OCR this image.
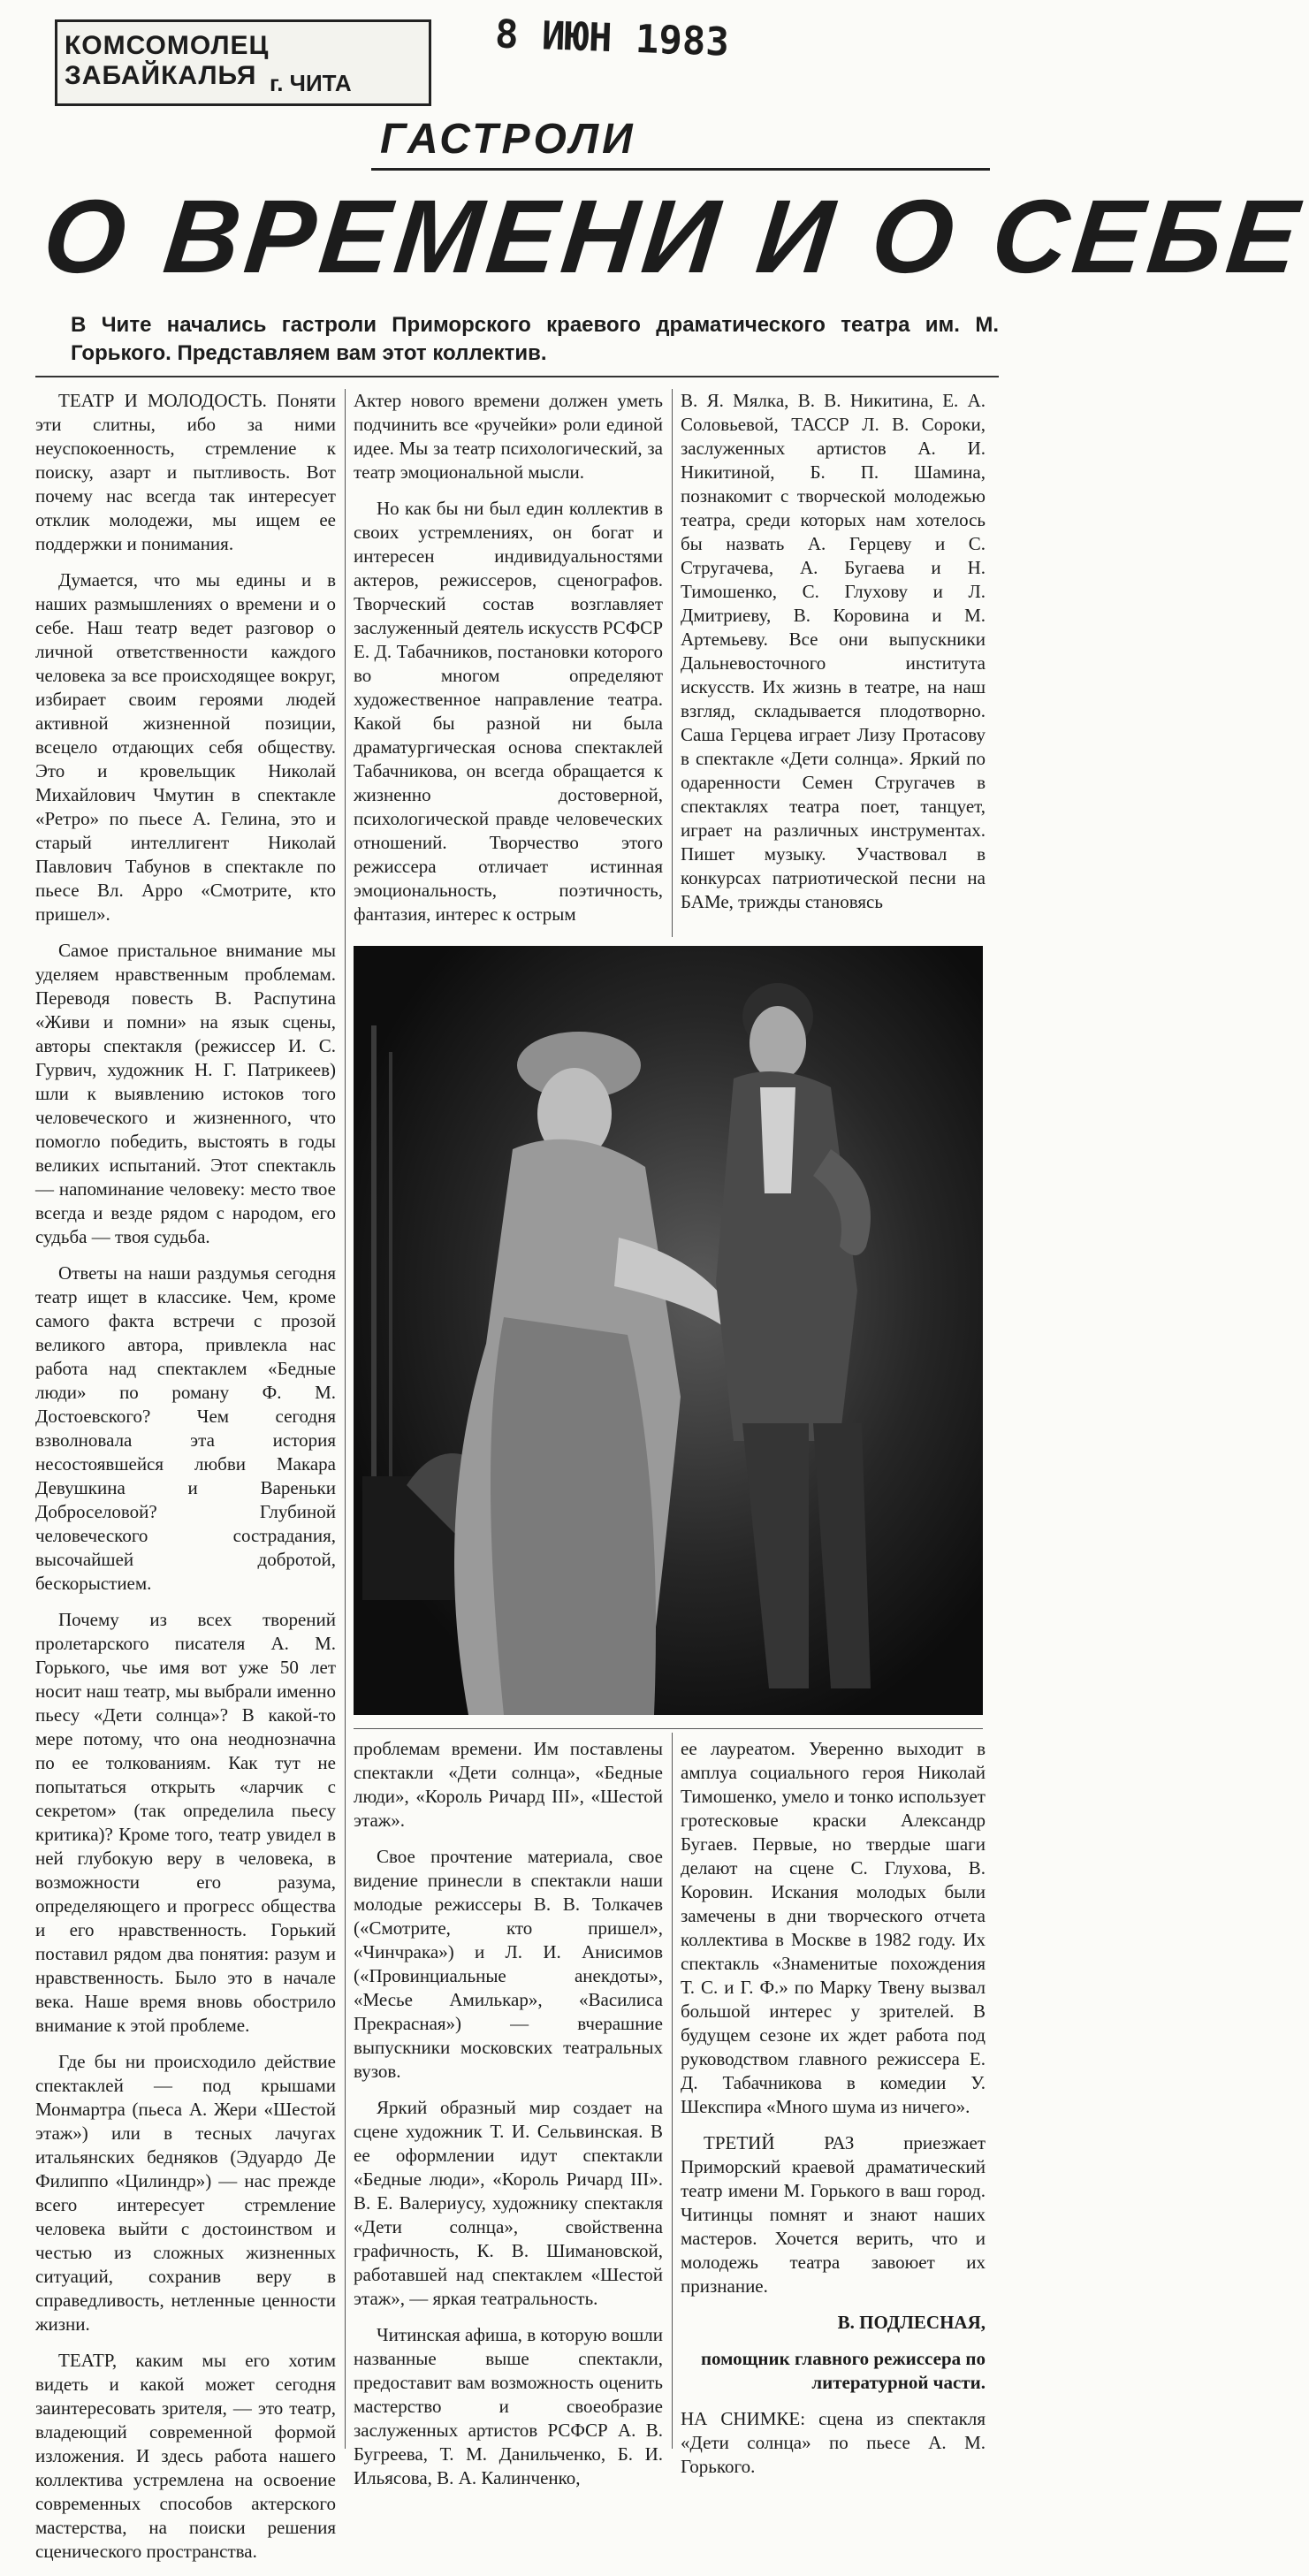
КОМСОМОЛЕЦ ЗАБАЙКАЛЬЯ г. ЧИТА
8 ИЮН 1983
ГАСТРОЛИ
О ВРЕМЕНИ И О СЕБЕ
В Чите начались гастроли Приморского краевого драматического театра им. М. Горького. Представляем вам этот коллектив.

ТЕАТР И МОЛОДОСТЬ. Поняти эти слитны, ибо за ними неуспокоенность, стремление к поиску, азарт и пытливость. Вот почему нас всегда так интересует отклик молодежи, мы ищем ее поддержки и понимания.

Думается, что мы едины и в наших размышлениях о времени и о себе. Наш театр ведет разговор о личной ответственности каждого человека за все происходящее вокруг, избирает своим героями людей активной жизненной позиции, всецело отдающих себя обществу. Это и кровельщик Николай Михайлович Чмутин в спектакле «Ретро» по пьесе А. Гелина, это и старый интеллигент Николай Павлович Табунов в спектакле по пьесе Вл. Арро «Смотрите, кто пришел».

Самое пристальное внимание мы уделяем нравственным проблемам. Переводя повесть В. Распутина «Живи и помни» на язык сцены, авторы спектакля (режиссер И. С. Гурвич, художник Н. Г. Патрикеев) шли к выявлению истоков того человеческого и жизненного, что помогло победить, выстоять в годы великих испытаний. Этот спектакль — напоминание человеку: место твое всегда и везде рядом с народом, его судьба — твоя судьба.

Ответы на наши раздумья сегодня театр ищет в классике. Чем, кроме самого факта встречи с прозой великого автора, привлекла нас работа над спектаклем «Бедные люди» по роману Ф. М. Достоевского? Чем сегодня взволновала эта история несостоявшейся любви Макара Девушкина и Вареньки Доброселовой? Глубиной человеческого сострадания, высочайшей добротой, бескорыстием.

Почему из всех творений пролетарского писателя А. М. Горького, чье имя вот уже 50 лет носит наш театр, мы выбрали именно пьесу «Дети солнца»? В какой-то мере потому, что она неоднозначна по ее толкованиям. Как тут не попытаться открыть «ларчик с секретом» (так определила пьесу критика)? Кроме того, театр увидел в ней глубокую веру в человека, в возможности его разума, определяющего и прогресс общества и его нравственность. Горький поставил рядом два понятия: разум и нравственность. Было это в начале века. Наше время вновь обострило внимание к этой проблеме.

Где бы ни происходило действие спектаклей — под крышами Монмартра (пьеса А. Жери «Шестой этаж») или в тесных лачугах итальянских бедняков (Эдуардо Де Филиппо «Цилиндр») — нас прежде всего интересует стремление человека выйти с достоинством и честью из сложных жизненных ситуаций, сохранив веру в справедливость, нетленные ценности жизни.

ТЕАТР, каким мы его хотим видеть и какой может сегодня заинтересовать зрителя, — это театр, владеющий современной формой изложения. И здесь работа нашего коллектива устремлена на освоение современных способов актерского мастерства, на поиски решения сценического пространства.

Актер нового времени должен уметь подчинить все «ручейки» роли единой идее. Мы за театр психологический, за театр эмоциональной мысли.

Но как бы ни был един коллектив в своих устремлениях, он богат и интересен индивидуальностями актеров, режиссеров, сценографов. Творческий состав возглавляет заслуженный деятель искусств РСФСР Е. Д. Табачников, постановки которого во многом определяют художественное направление театра. Какой бы разной ни была драматургическая основа спектаклей Табачникова, он всегда обращается к жизненно достоверной, психологической правде человеческих отношений. Творчество этого режиссера отличает истинная эмоциональность, поэтичность, фантазия, интерес к острым

В. Я. Мялка, В. В. Никитина, Е. А. Соловьевой, ТАССР Л. В. Сороки, заслуженных артистов А. И. Никитиной, Б. П. Шамина, познакомит с творческой молодежью театра, среди которых нам хотелось бы назвать А. Герцеву и С. Стругачева, А. Бугаева и Н. Тимошенко, С. Глухову и Л. Дмитриеву, В. Коровина и М. Артемьеву. Все они выпускники Дальневосточного института искусств. Их жизнь в театре, на наш взгляд, складывается плодотворно. Саша Герцева играет Лизу Протасову в спектакле «Дети солнца». Яркий по одаренности Семен Стругачев в спектаклях театра поет, танцует, играет на различных инструментах. Пишет музыку. Участвовал в конкурсах патриотической песни на БАМе, трижды становясь

проблемам времени. Им поставлены спектакли «Дети солнца», «Бедные люди», «Король Ричард III», «Шестой этаж».

Свое прочтение материала, свое видение принесли в спектакли наши молодые режиссеры В. В. Толкачев («Смотрите, кто пришел», «Чинчрака») и Л. И. Анисимов («Провинциальные анекдоты», «Месье Амилькар», «Василиса Прекрасная») — вчерашние выпускники московских театральных вузов.

Яркий образный мир создает на сцене художник Т. И. Сельвинская. В ее оформлении идут спектакли «Бедные люди», «Король Ричард III». В. Е. Валериусу, художнику спектакля «Дети солнца», свойственна графичность, К. В. Шимановской, работавшей над спектаклем «Шестой этаж», — яркая театральность.

Читинская афиша, в которую вошли названные выше спектакли, предоставит вам возможность оценить мастерство и своеобразие заслуженных артистов РСФСР А. В. Бугреева, Т. М. Данильченко, Б. И. Ильясова, В. А. Калинченко,

ее лауреатом. Уверенно выходит в амплуа социального героя Николай Тимошенко, умело и тонко использует гротесковые краски Александр Бугаев. Первые, но твердые шаги делают на сцене С. Глухова, В. Коровин. Искания молодых были замечены в дни творческого отчета коллектива в Москве в 1982 году. Их спектакль «Знаменитые похождения Т. С. и Г. Ф.» по Марку Твену вызвал большой интерес у зрителей. В будущем сезоне их ждет работа под руководством главного режиссера Е. Д. Табачникова в комедии У. Шекспира «Много шума из ничего».

ТРЕТИЙ РАЗ приезжает Приморский краевой драматический театр имени М. Горького в ваш город. Читинцы помнят и знают наших мастеров. Хочется верить, что и молодежь театра завоюет их признание.

В. ПОДЛЕСНАЯ,

помощник главного режиссера по литературной части.

НА СНИМКЕ: сцена из спектакля «Дети солнца» по пьесе А. М. Горького.
